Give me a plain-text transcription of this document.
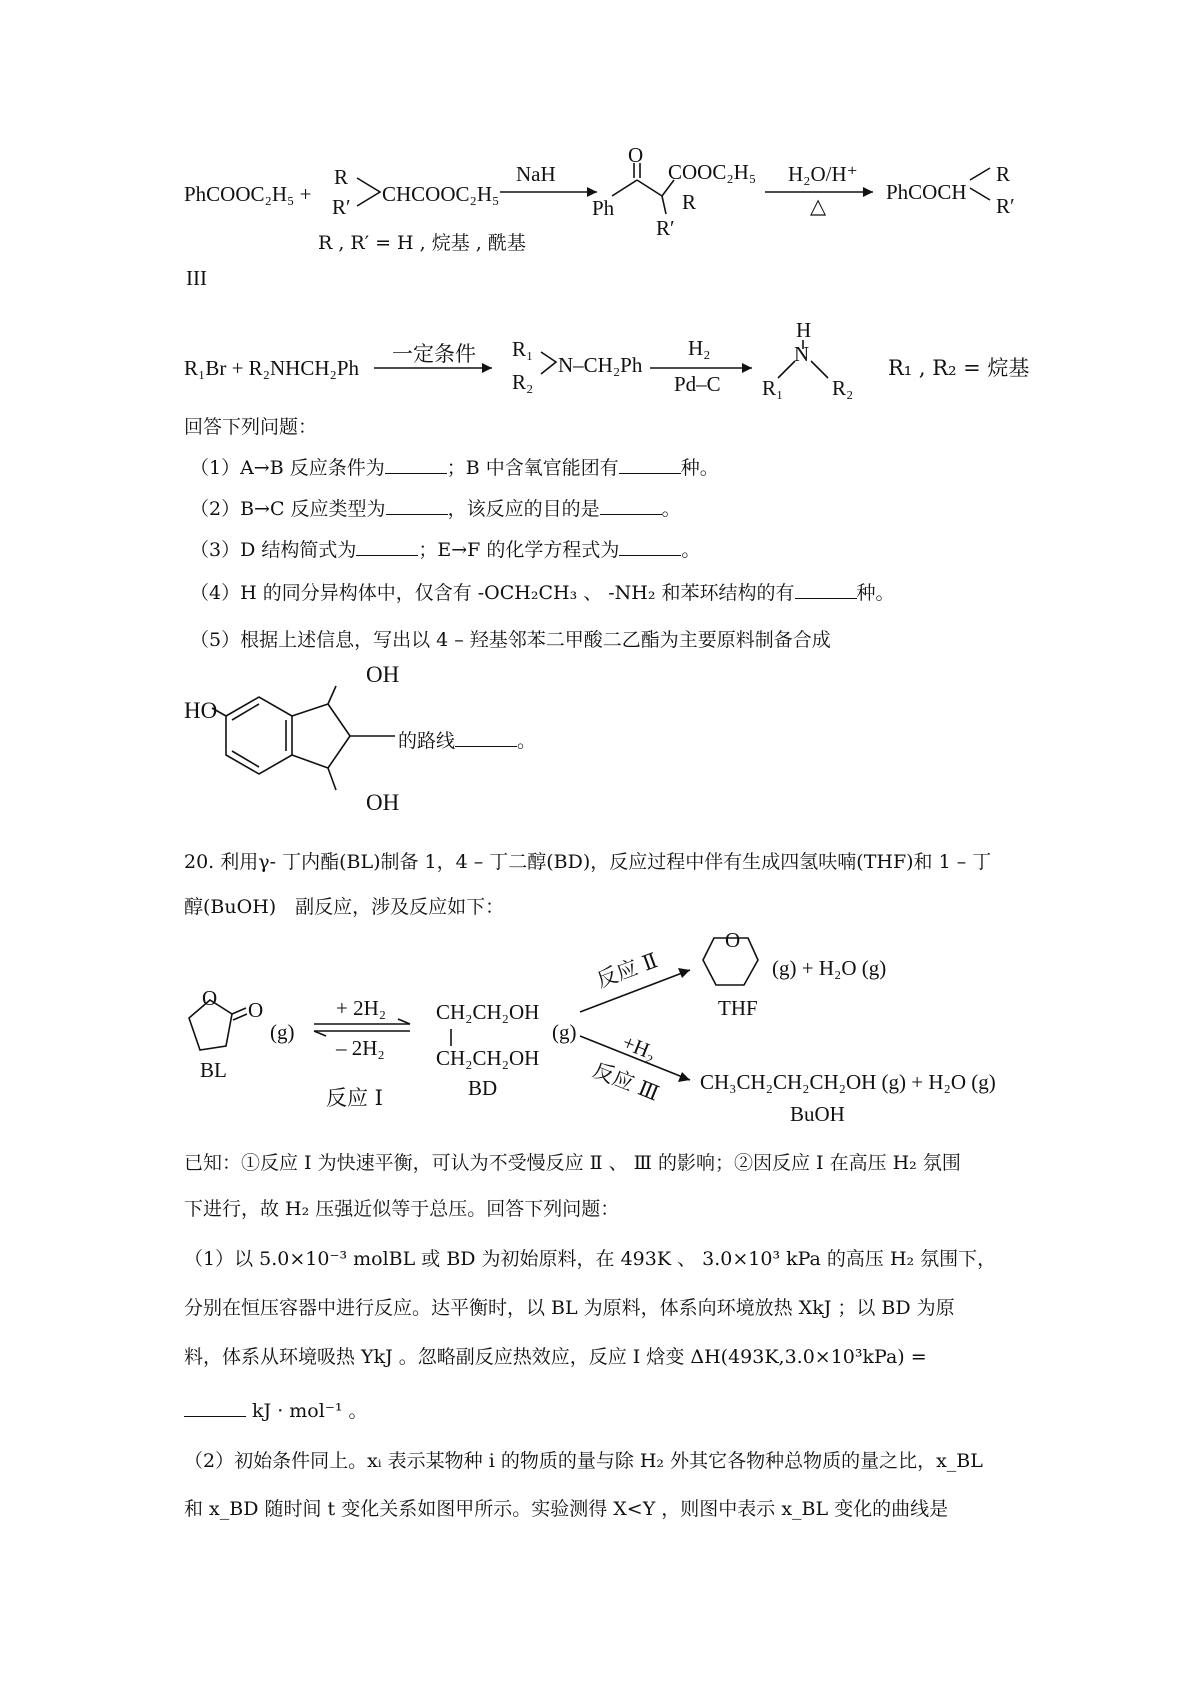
PhCOOC₂H₅ +
R
R′
CHCOOC₂H₅
NaH
R , R′ = H , 烷基 , 酰基
O
Ph
COOC₂H₅
R
R′
H₂O/H⁺
△
PhCOCH
R
R′
III
R₁Br + R₂NHCH₂Ph
一定条件 R₁
R₂
N–CH₂Ph
H₂
Pd–C
H
N
R₁ R₂
R₁ , R₂ = 烷基
回答下列问题：
（1）A→B 反应条件为	；B 中含氧官能团有	种。
（2）B→C 反应类型为	，该反应的目的是	。
（3）D 结构简式为	；E→F 的化学方程式为	。
（4）H 的同分异构体中，仅含有 -OCH₂CH₃ 、 -NH₂ 和苯环结构的有	种。
（5）根据上述信息，写出以 4 – 羟基邻苯二甲酸二乙酯为主要原料制备合成
HO
OH
OH
的路线	。
20. 利用γ- 丁内酯(BL)制备 1，4 – 丁二醇(BD)，反应过程中伴有生成四氢呋喃(THF)和 1 – 丁
醇(BuOH)　副反应，涉及反应如下：
O O
(g)
BL
+ 2H₂
– 2H₂
反应 Ⅰ
CH₂CH₂OH
CH₂CH₂OH
(g)
BD
反应 Ⅱ
O
(g) + H₂O (g)
THF
+H₂
反应 Ⅲ CH₃CH₂CH₂CH₂OH (g) + H₂O (g)
BuOH
已知：①反应 Ⅰ 为快速平衡，可认为不受慢反应 Ⅱ 、 Ⅲ 的影响；②因反应 Ⅰ 在高压 H₂ 氛围
下进行，故 H₂ 压强近似等于总压。回答下列问题：
（1）以 5.0×10⁻³ molBL 或 BD 为初始原料，在 493K 、 3.0×10³ kPa 的高压 H₂ 氛围下，
分别在恒压容器中进行反应。达平衡时，以 BL 为原料，体系向环境放热 XkJ ；以 BD 为原
料，体系从环境吸热 YkJ 。忽略副反应热效应，反应 Ⅰ 焓变 ΔH(493K,3.0×10³kPa) =
kJ · mol⁻¹ 。
（2）初始条件同上。xᵢ 表示某物种 i 的物质的量与除 H₂ 外其它各物种总物质的量之比，x_BL
和 x_BD 随时间 t 变化关系如图甲所示。实验测得 X<Y ，则图中表示 x_BL 变化的曲线是
